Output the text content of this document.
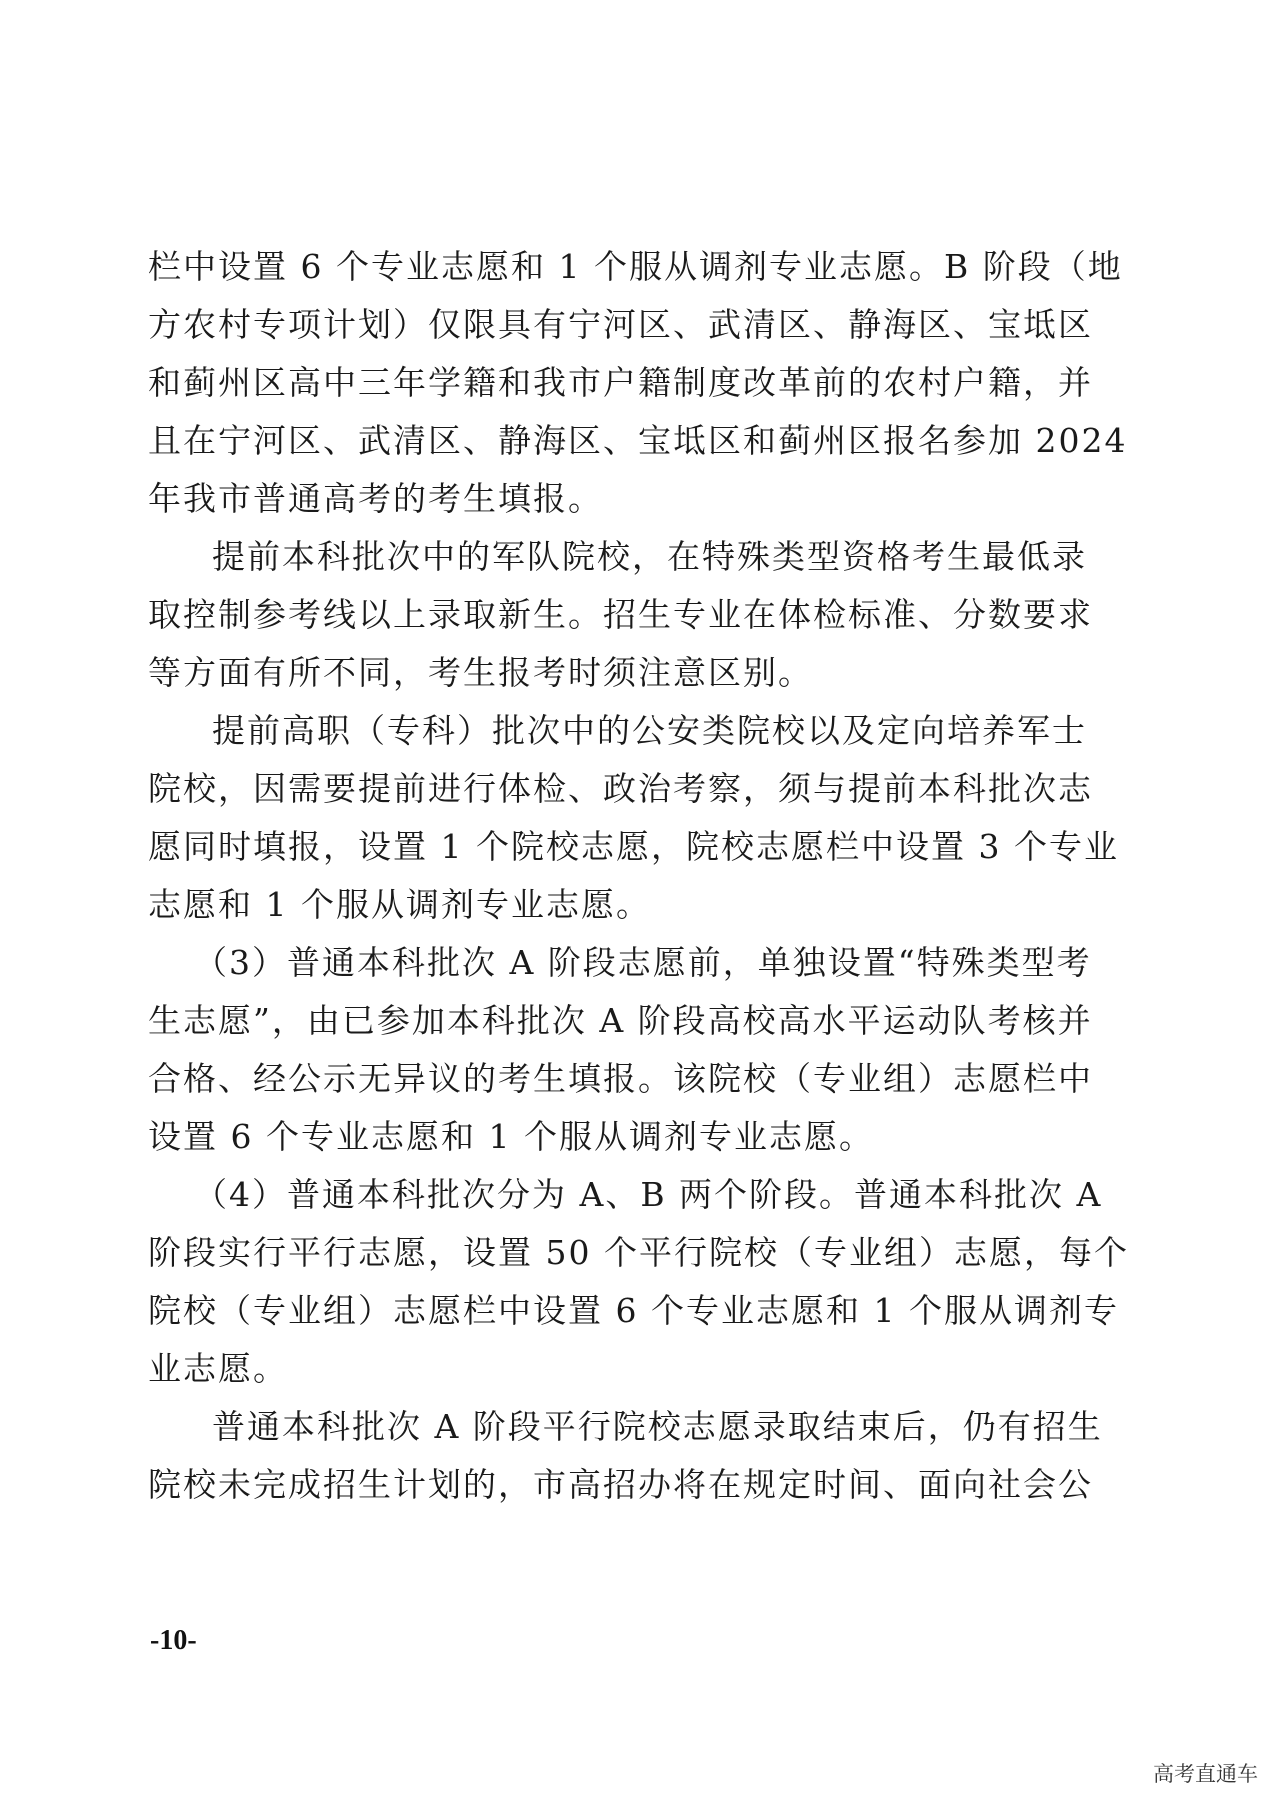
栏中设置 6 个专业志愿和 1 个服从调剂专业志愿。B 阶段（地
方农村专项计划）仅限具有宁河区、武清区、静海区、宝坻区
和蓟州区高中三年学籍和我市户籍制度改革前的农村户籍，并
且在宁河区、武清区、静海区、宝坻区和蓟州区报名参加 2024
年我市普通高考的考生填报。
提前本科批次中的军队院校，在特殊类型资格考生最低录
取控制参考线以上录取新生。招生专业在体检标准、分数要求
等方面有所不同，考生报考时须注意区别。
提前高职（专科）批次中的公安类院校以及定向培养军士
院校，因需要提前进行体检、政治考察，须与提前本科批次志
愿同时填报，设置 1 个院校志愿，院校志愿栏中设置 3 个专业
志愿和 1 个服从调剂专业志愿。
（3）普通本科批次 A 阶段志愿前，单独设置“特殊类型考
生志愿”，由已参加本科批次 A 阶段高校高水平运动队考核并
合格、经公示无异议的考生填报。该院校（专业组）志愿栏中
设置 6 个专业志愿和 1 个服从调剂专业志愿。
（4）普通本科批次分为 A、B 两个阶段。普通本科批次 A
阶段实行平行志愿，设置 50 个平行院校（专业组）志愿，每个
院校（专业组）志愿栏中设置 6 个专业志愿和 1 个服从调剂专
业志愿。
普通本科批次 A 阶段平行院校志愿录取结束后，仍有招生
院校未完成招生计划的，市高招办将在规定时间、面向社会公
-10-
高考直通车
